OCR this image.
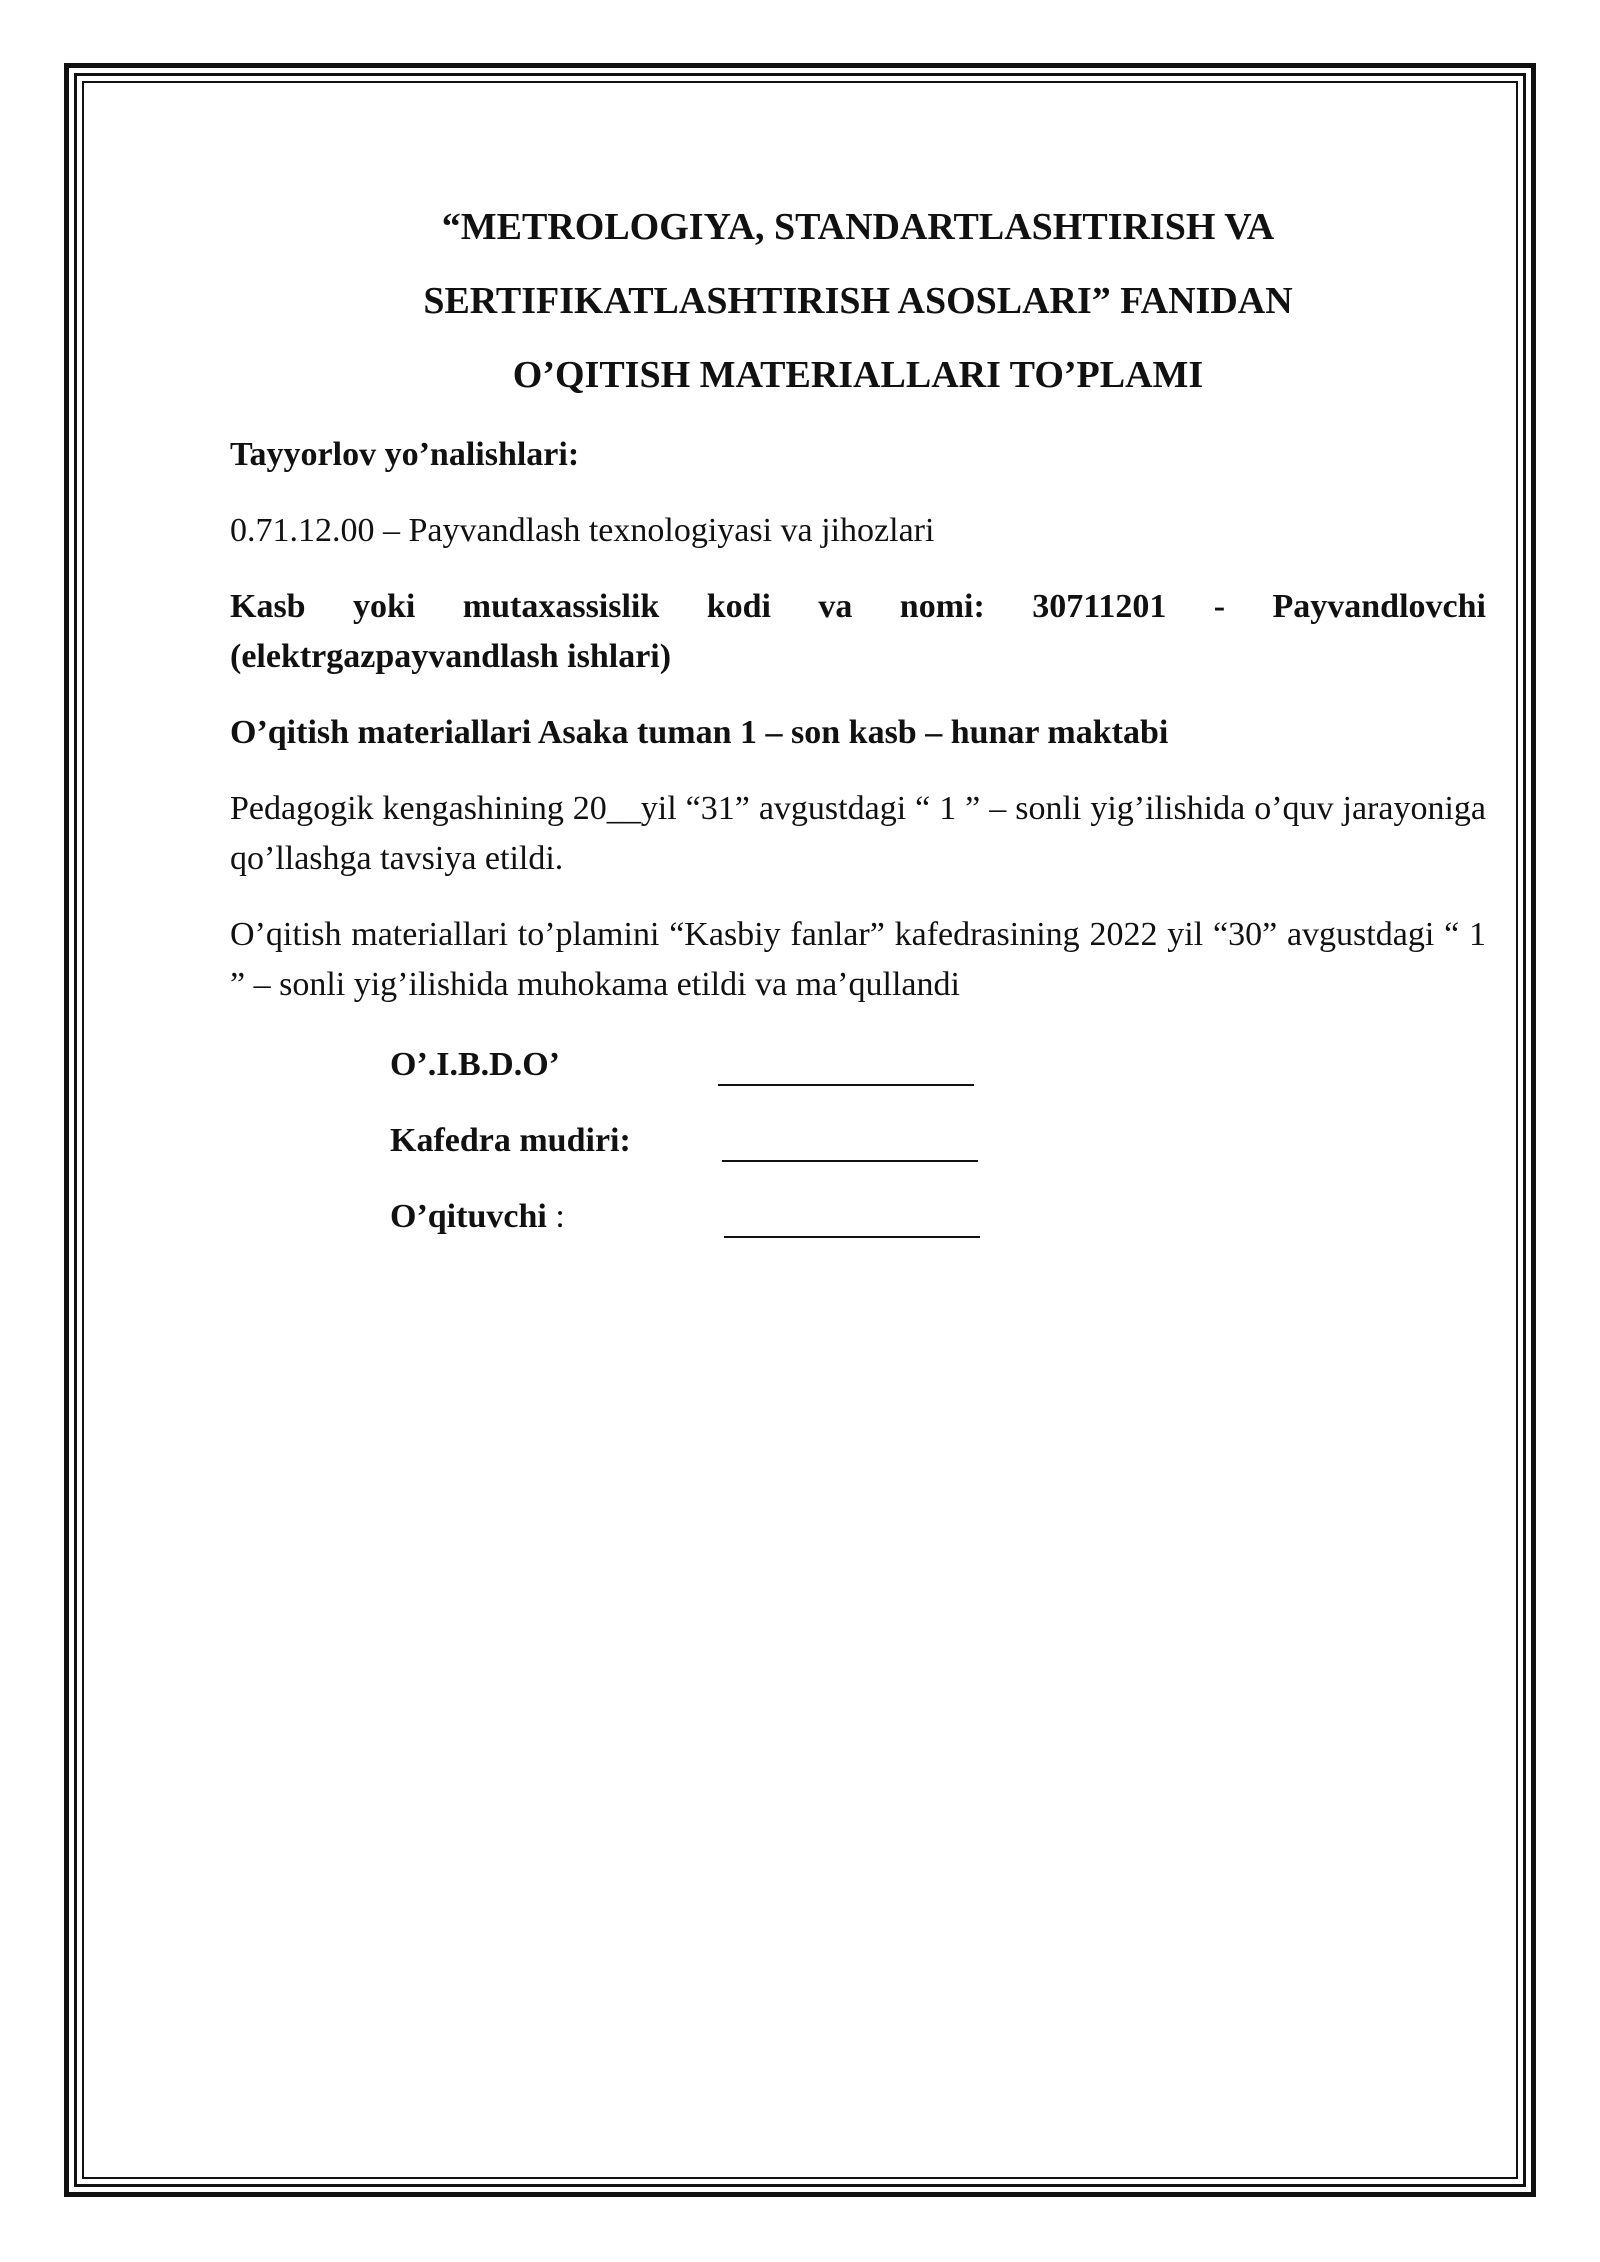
“METROLOGIYA, STANDARTLASHTIRISH VA
SERTIFIKATLASHTIRISH ASOSLARI” FANIDAN
O’QITISH MATERIALLARI TO’PLAMI

Tayyorlov yo’nalishlari:

0.71.12.00 – Payvandlash texnologiyasi va jihozlari

Kasb yoki mutaxassislik kodi va nomi: 30711201 - Payvandlovchi (elektrgazpayvandlash ishlari)

O’qitish materiallari Asaka tuman 1 – son kasb – hunar maktabi

Pedagogik kengashining 20__yil “31” avgustdagi “ 1 ” – sonli yig’ilishida o’quv jarayoniga qo’llashga tavsiya etildi.

O’qitish materiallari to’plamini “Kasbiy fanlar” kafedrasining 2022 yil “30” avgustdagi “ 1 ” – sonli yig’ilishida muhokama etildi va ma’qullandi

O’.I.B.D.O’
Kafedra mudiri:
O’qituvchi :
